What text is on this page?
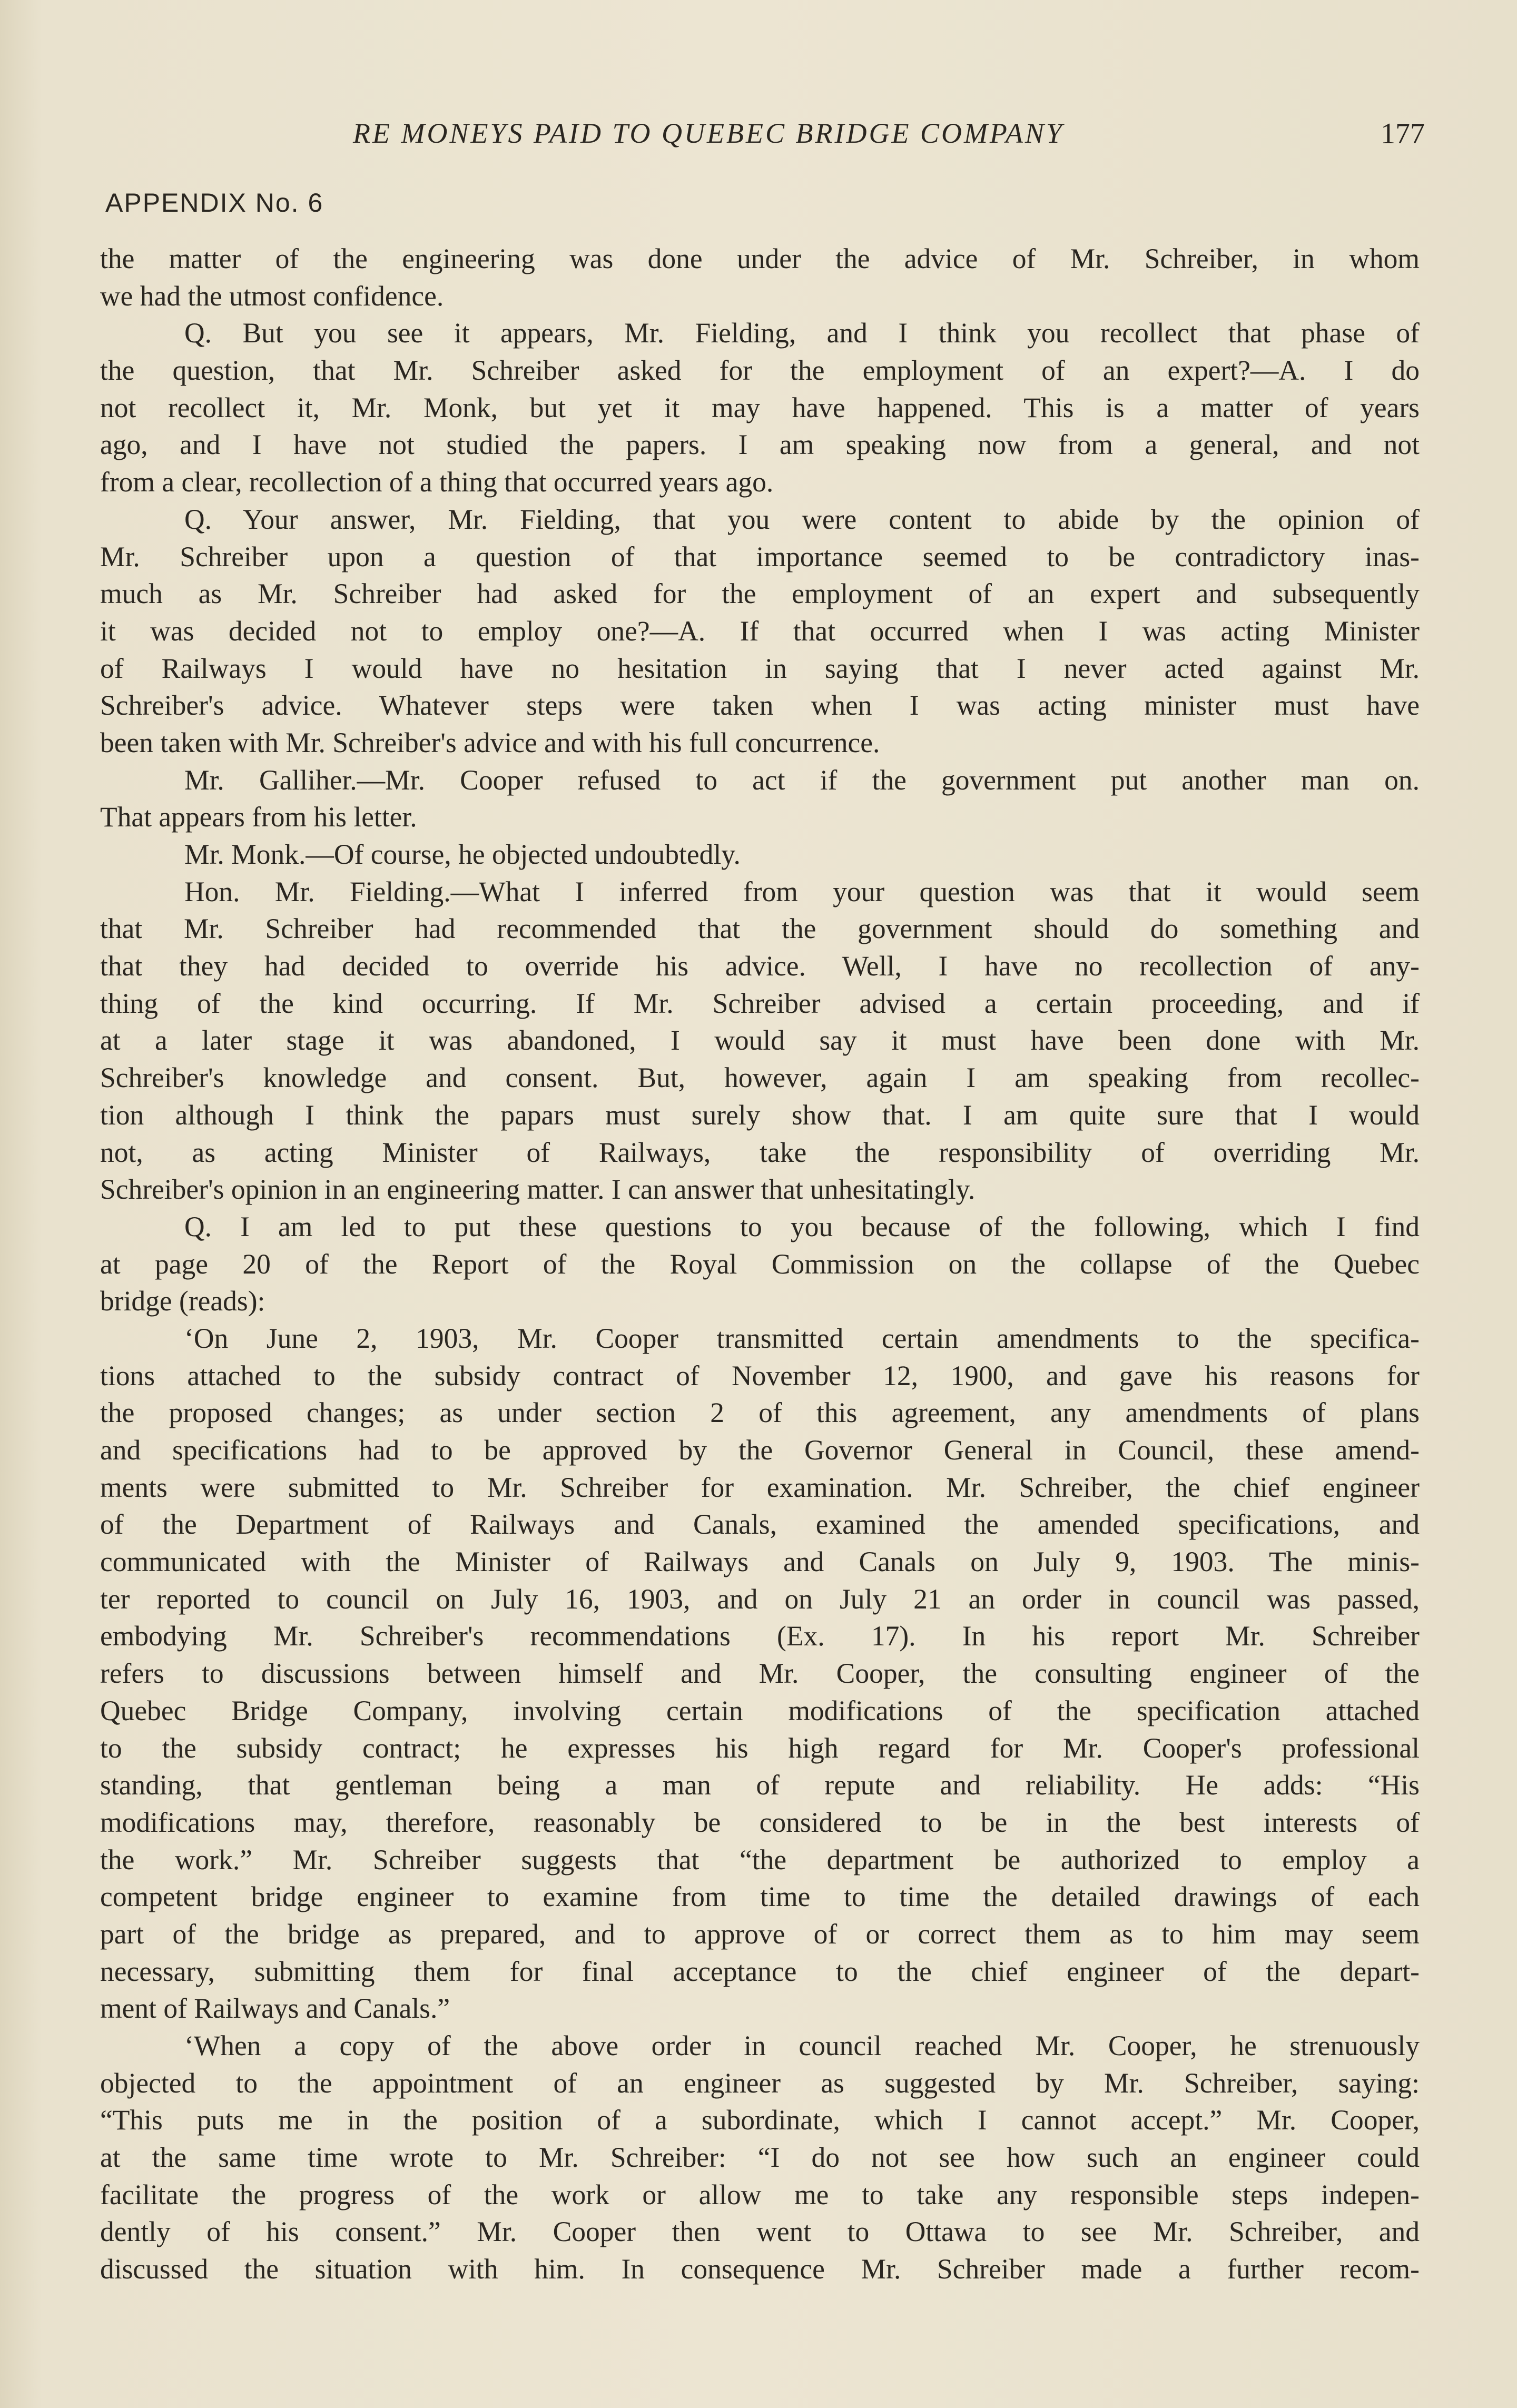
RE MONEYS PAID TO QUEBEC BRIDGE COMPANY	177
APPENDIX No. 6
the matter of the engineering was done under the advice of Mr. Schreiber, in whom
we had the utmost confidence.
Q. But you see it appears, Mr. Fielding, and I think you recollect that phase of
the question, that Mr. Schreiber asked for the employment of an expert?—A. I do
not recollect it, Mr. Monk, but yet it may have happened. This is a matter of years
ago, and I have not studied the papers. I am speaking now from a general, and not
from a clear, recollection of a thing that occurred years ago.
Q. Your answer, Mr. Fielding, that you were content to abide by the opinion of
Mr. Schreiber upon a question of that importance seemed to be contradictory inas-
much as Mr. Schreiber had asked for the employment of an expert and subsequently
it was decided not to employ one?—A. If that occurred when I was acting Minister
of Railways I would have no hesitation in saying that I never acted against Mr.
Schreiber's advice. Whatever steps were taken when I was acting minister must have
been taken with Mr. Schreiber's advice and with his full concurrence.
Mr. Galliher.—Mr. Cooper refused to act if the government put another man on.
That appears from his letter.
Mr. Monk.—Of course, he objected undoubtedly.
Hon. Mr. Fielding.—What I inferred from your question was that it would seem
that Mr. Schreiber had recommended that the government should do something and
that they had decided to override his advice. Well, I have no recollection of any-
thing of the kind occurring. If Mr. Schreiber advised a certain proceeding, and if
at a later stage it was abandoned, I would say it must have been done with Mr.
Schreiber's knowledge and consent. But, however, again I am speaking from recollec-
tion although I think the papars must surely show that. I am quite sure that I would
not, as acting Minister of Railways, take the responsibility of overriding Mr.
Schreiber's opinion in an engineering matter. I can answer that unhesitatingly.
Q. I am led to put these questions to you because of the following, which I find
at page 20 of the Report of the Royal Commission on the collapse of the Quebec
bridge (reads):
‘On June 2, 1903, Mr. Cooper transmitted certain amendments to the specifica-
tions attached to the subsidy contract of November 12, 1900, and gave his reasons for
the proposed changes; as under section 2 of this agreement, any amendments of plans
and specifications had to be approved by the Governor General in Council, these amend-
ments were submitted to Mr. Schreiber for examination. Mr. Schreiber, the chief engineer
of the Department of Railways and Canals, examined the amended specifications, and
communicated with the Minister of Railways and Canals on July 9, 1903. The minis-
ter reported to council on July 16, 1903, and on July 21 an order in council was passed,
embodying Mr. Schreiber's recommendations (Ex. 17). In his report Mr. Schreiber
refers to discussions between himself and Mr. Cooper, the consulting engineer of the
Quebec Bridge Company, involving certain modifications of the specification attached
to the subsidy contract; he expresses his high regard for Mr. Cooper's professional
standing, that gentleman being a man of repute and reliability. He adds: “His
modifications may, therefore, reasonably be considered to be in the best interests of
the work.” Mr. Schreiber suggests that “the department be authorized to employ a
competent bridge engineer to examine from time to time the detailed drawings of each
part of the bridge as prepared, and to approve of or correct them as to him may seem
necessary, submitting them for final acceptance to the chief engineer of the depart-
ment of Railways and Canals.”
‘When a copy of the above order in council reached Mr. Cooper, he strenuously
objected to the appointment of an engineer as suggested by Mr. Schreiber, saying:
“This puts me in the position of a subordinate, which I cannot accept.” Mr. Cooper,
at the same time wrote to Mr. Schreiber: “I do not see how such an engineer could
facilitate the progress of the work or allow me to take any responsible steps indepen-
dently of his consent.” Mr. Cooper then went to Ottawa to see Mr. Schreiber, and
discussed the situation with him. In consequence Mr. Schreiber made a further recom-
